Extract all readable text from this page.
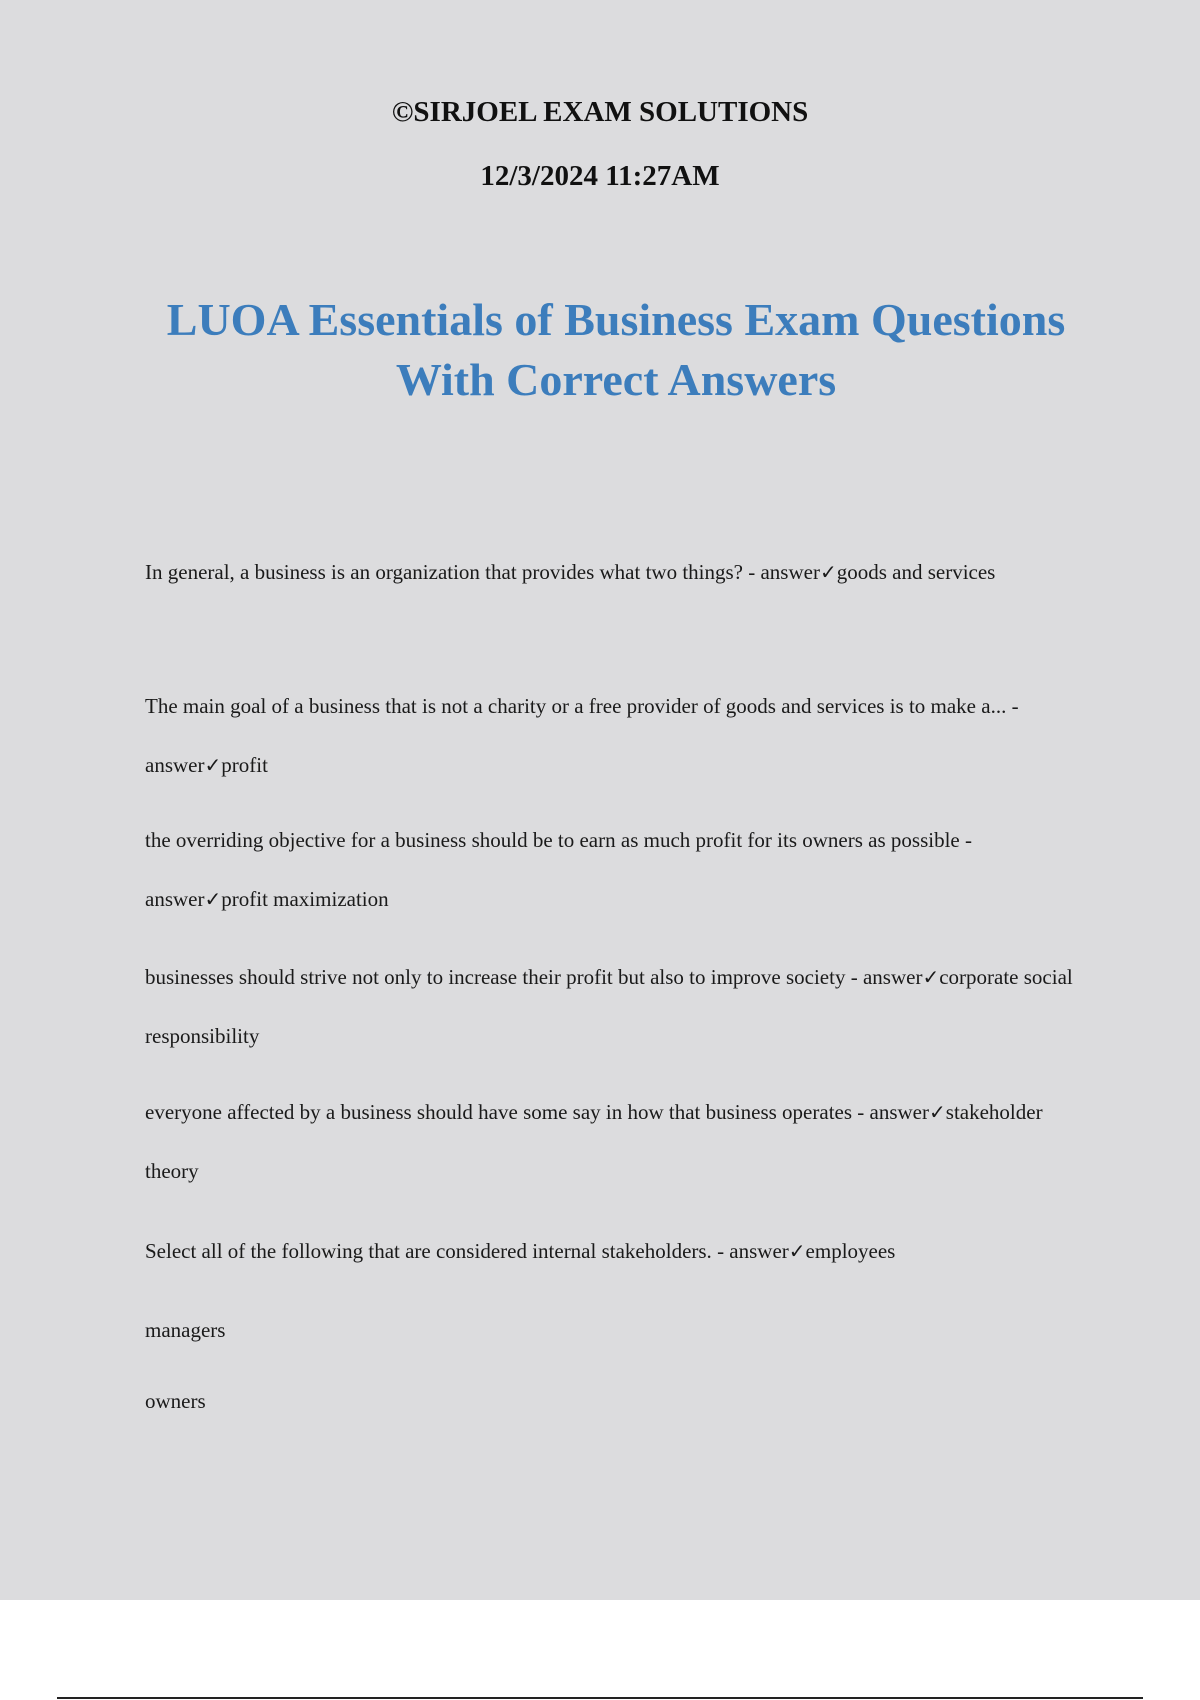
©SIRJOEL EXAM SOLUTIONS

12/3/2024 11:27AM

LUOA Essentials of Business Exam Questions With Correct Answers

In general, a business is an organization that provides what two things? - answer✓goods and services

The main goal of a business that is not a charity or a free provider of goods and services is to make a... - answer✓profit

the overriding objective for a business should be to earn as much profit for its owners as possible - answer✓profit maximization

businesses should strive not only to increase their profit but also to improve society - answer✓corporate social responsibility

everyone affected by a business should have some say in how that business operates - answer✓stakeholder theory

Select all of the following that are considered internal stakeholders. - answer✓employees

managers

owners
